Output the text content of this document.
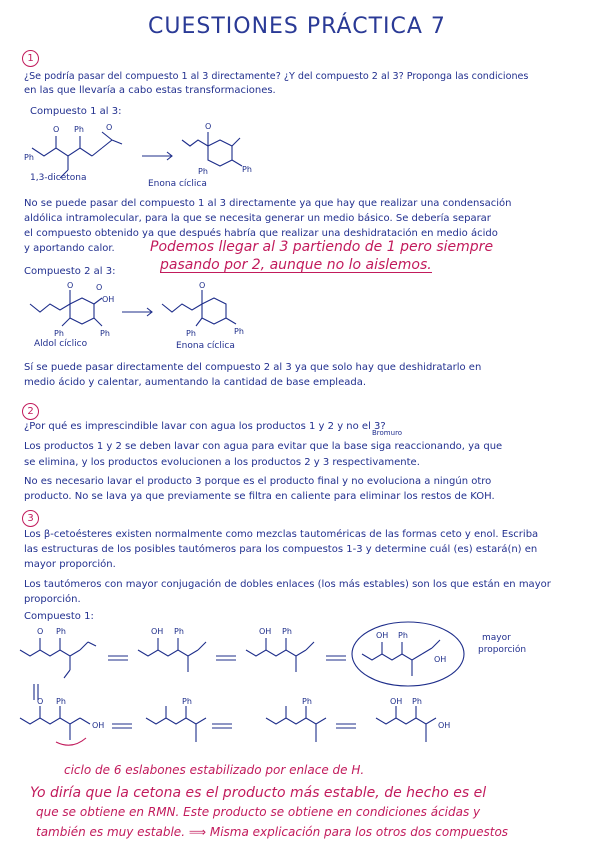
CUESTIONES PRÁCTICA 7
1
¿Se podría pasar del compuesto 1 al 3 directamente? ¿Y del compuesto 2 al 3? Proponga las condiciones
en las que llevaría a cabo estas transformaciones.
Compuesto 1 al 3:
Ph
O Ph	O	O
Ph	Ph
1,3-dicetona
Enona cíclica
No se puede pasar del compuesto 1 al 3 directamente ya que hay que realizar una condensación
aldólica intramolecular, para la que se necesita generar un medio básico. Se debería separar
el compuesto obtenido ya que después habría que realizar una deshidratación en medio ácido
y aportando calor.	Podemos llegar al 3 partiendo de 1 pero siempre
pasando por 2, aunque no lo aislemos.
Compuesto 2 al 3:
O	O
OH
Ph	Ph
O
Ph	Ph
Aldol cíclico	Enona cíclica
Sí se puede pasar directamente del compuesto 2 al 3 ya que solo hay que deshidratarlo en
medio ácido y calentar, aumentando la cantidad de base empleada.
2
¿Por qué es imprescindible lavar con agua los productos 1 y 2 y no el 3?
Bromuro
Los productos 1 y 2 se deben lavar con agua para evitar que la base siga reaccionando, ya que
se elimina, y los productos evolucionen a los productos 2 y 3 respectivamente.
No es necesario lavar el producto 3 porque es el producto final y no evoluciona a ningún otro
producto. No se lava ya que previamente se filtra en caliente para eliminar los restos de KOH.
3
Los β-cetoésteres existen normalmente como mezclas tautoméricas de las formas ceto y enol. Escriba
las estructuras de los posibles tautómeros para los compuestos 1-3 y determine cuál (es) estará(n) en
mayor proporción.
Los tautómeros con mayor conjugación de dobles enlaces (los más estables) son los que están en mayor
proporción.
Compuesto 1:
O Ph	OH Ph	OH Ph	OH Ph
OH
mayor
proporción
O Ph
OH
Ph	Ph	OH Ph
OH
ciclo de 6 eslabones estabilizado por enlace de H.
Yo diría que la cetona es el producto más estable, de hecho es el
que se obtiene en RMN. Este producto se obtiene en condiciones ácidas y
también es muy estable. ⟹ Misma explicación para los otros dos compuestos
